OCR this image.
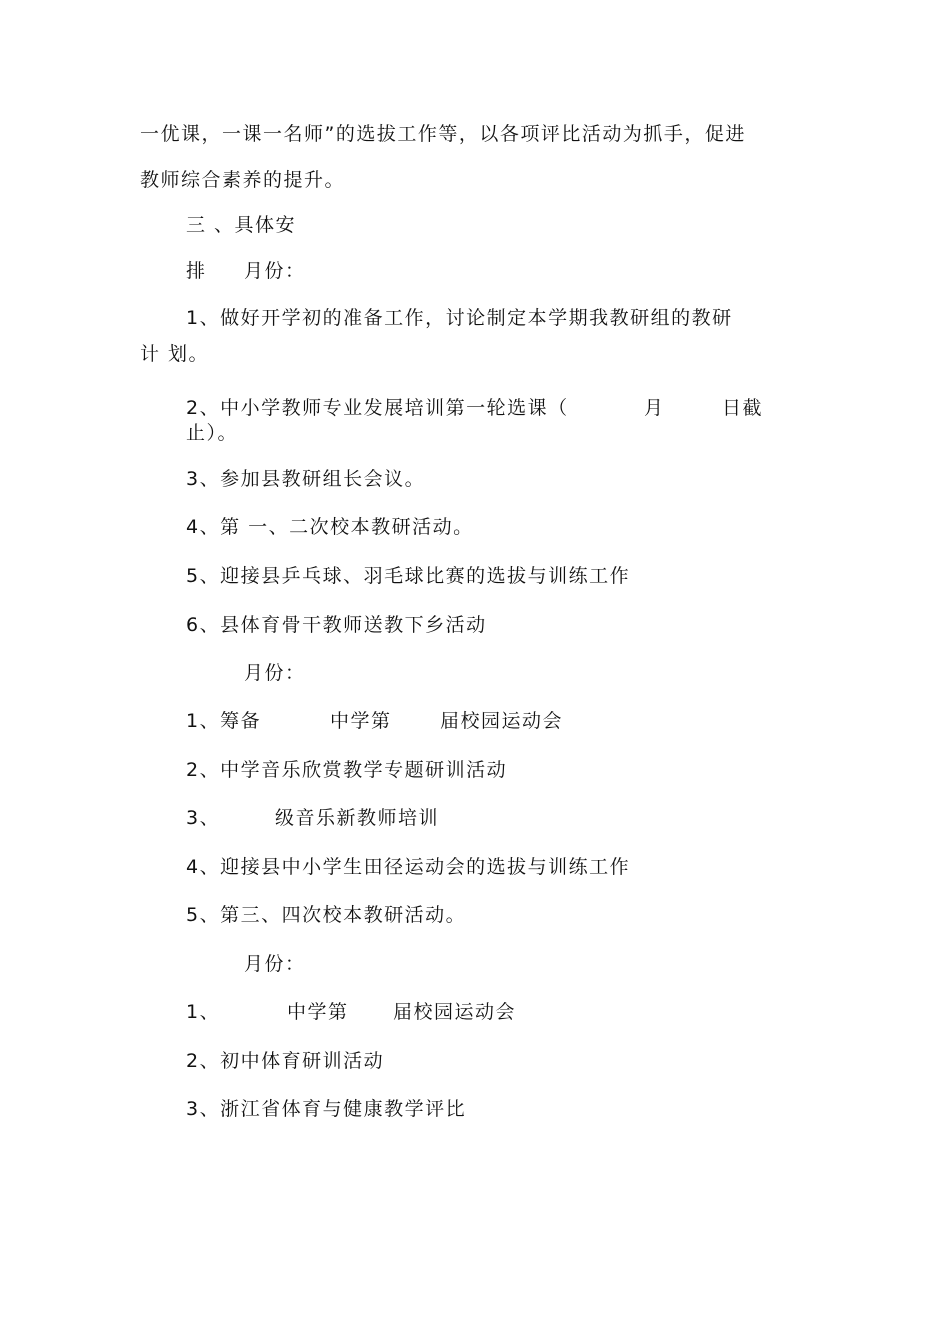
一优课，一课一名师”的选拔工作等，以各项评比活动为抓手，促进
教师综合素养的提升。
三 、具体安

排

月份：

1、做好开学初的准备工作，讨论制定本学期我教研组的教研
计 划。

2、中小学教师专业发展培训第一轮选课（

	月

	日截

止）。
3、参加县教研组长会议。
4、第 一、二次校本教研活动。
5、迎接县乒乓球、羽毛球比赛的选拔与训练工作
6、县体育骨干教师送教下乡活动
月份：

1、筹备

	中学第

	届校园运动会

2、中学音乐欣赏教学专题研训活动

3、

	级音乐新教师培训

4、迎接县中小学生田径运动会的选拔与训练工作
5、第三、四次校本教研活动。
月份：

1、

	中学第

届校园运动会

2、初中体育研训活动
3、浙江省体育与健康教学评比
